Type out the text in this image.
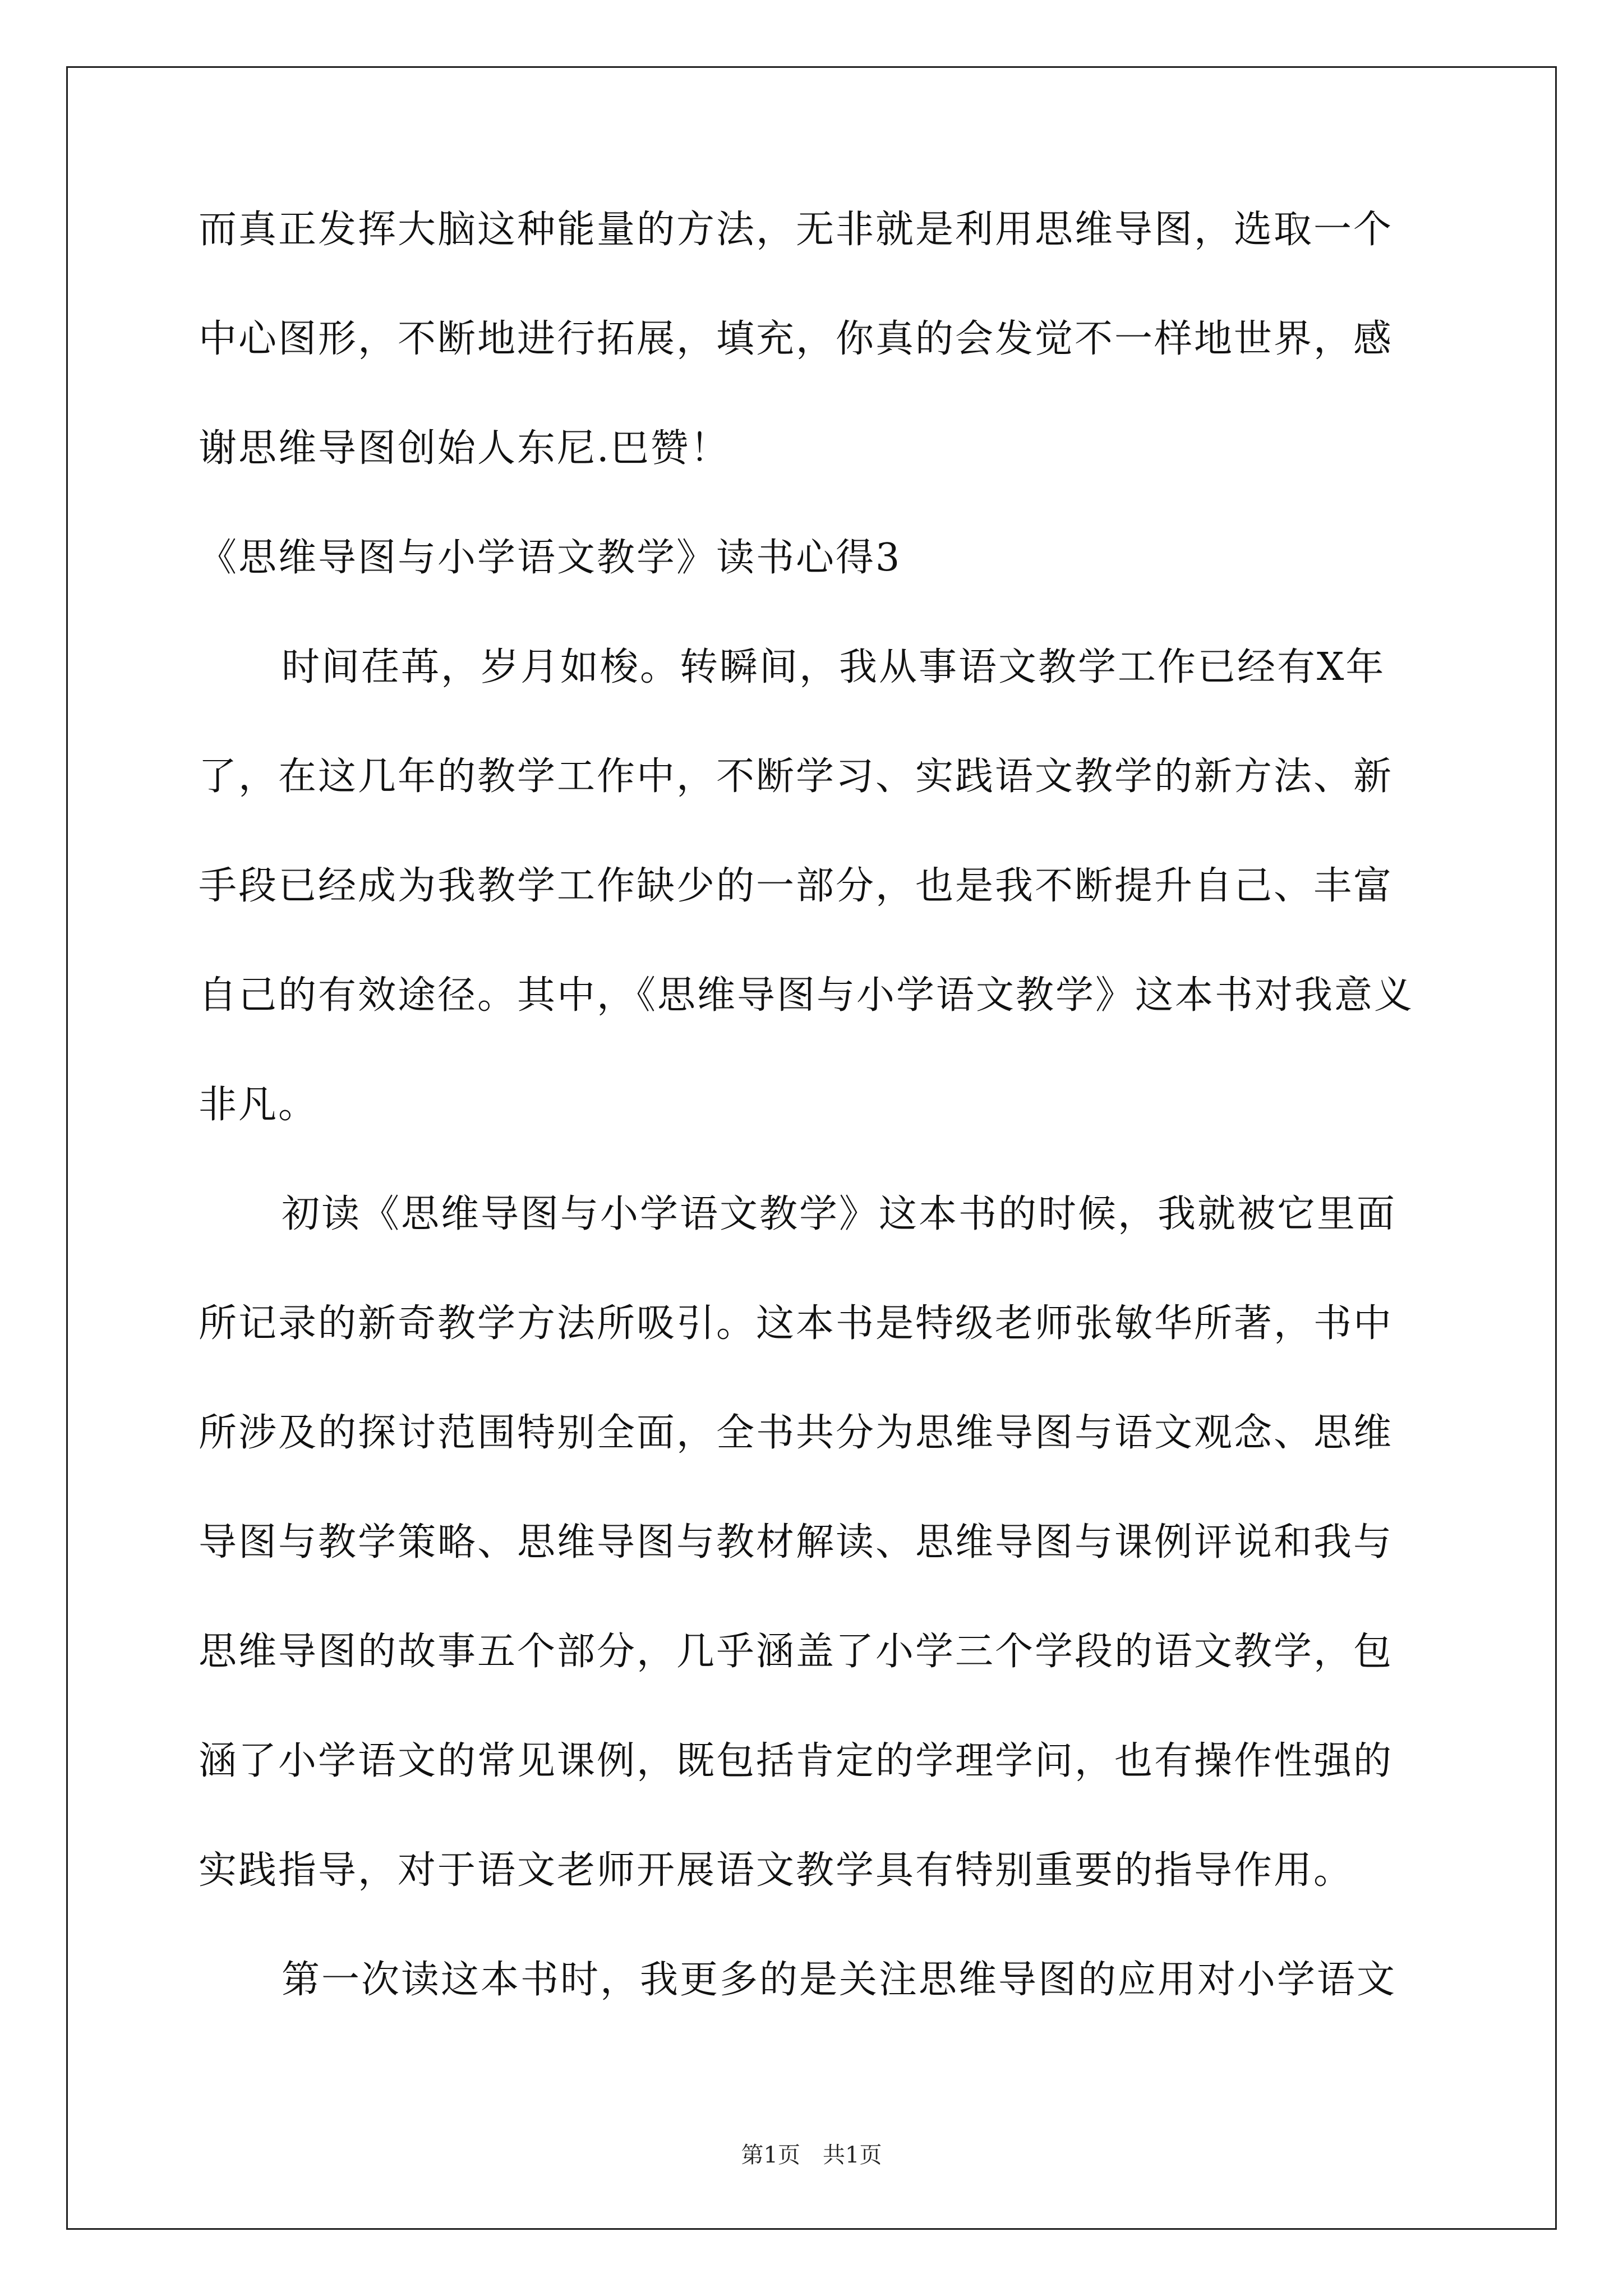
而真正发挥大脑这种能量的方法，无非就是利用思维导图，选取一个
中心图形，不断地进行拓展，填充，你真的会发觉不一样地世界，感
谢思维导图创始人东尼.巴赞！
《思维导图与小学语文教学》读书心得3
时间荏苒，岁月如梭。转瞬间，我从事语文教学工作已经有X年
了，在这几年的教学工作中，不断学习、实践语文教学的新方法、新
手段已经成为我教学工作缺少的一部分，也是我不断提升自己、丰富
自己的有效途径。其中，《思维导图与小学语文教学》这本书对我意义
非凡。
初读《思维导图与小学语文教学》这本书的时候，我就被它里面
所记录的新奇教学方法所吸引。这本书是特级老师张敏华所著，书中
所涉及的探讨范围特别全面，全书共分为思维导图与语文观念、思维
导图与教学策略、思维导图与教材解读、思维导图与课例评说和我与
思维导图的故事五个部分，几乎涵盖了小学三个学段的语文教学，包
涵了小学语文的常见课例，既包括肯定的学理学问，也有操作性强的
实践指导，对于语文老师开展语文教学具有特别重要的指导作用。
第一次读这本书时，我更多的是关注思维导图的应用对小学语文
第1页 共1页
